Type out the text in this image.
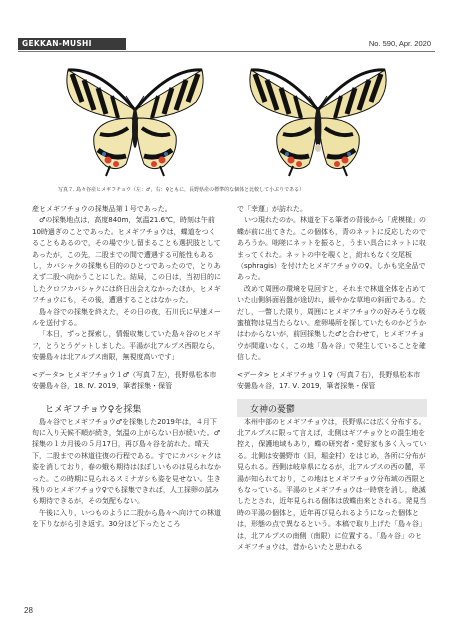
GEKKAN-MUSHI	No. 590, Apr. 2020
写真７. 島々谷産ヒメギフチョウ（左：♂，右：♀ともに，長野県産の標準的な個体と比較して小ぶりである）

産ヒメギフチョウの採集品第１号であった。

♂の採集地点は，高度840m，気温21.6℃，時刻は午前10時過ぎのことであった。ヒメギフチョウは，蝶道をつくることもあるので，その場で少し留まることも選択肢としてあったが，この先，二股までの間で遭遇する可能性もあるし，カバシャクの採集も目的のひとつであったので，とりあえず二股へ向かうことにした。結局，この日は，当初目的にしたクロフカバシャクには終日出会えなかったほか，ヒメギフチョウにも，その後，遭遇することはなかった。

島々谷での採集を終えた，その日の夜，石川氏に早速メールを送付する。

「本日，ずっと探索し，情報収集していた島々谷のヒメギフ，とうとうゲットしました。平湯が北アルプス西限なら，安曇島々は北アルプス南限，無視度高いです」

<データ> ヒメギフチョウ１♂（写真７左），長野県松本市安曇島々谷，18. Ⅳ. 2019，筆者採集・保管

ヒメギフチョウ♀を採集

島々谷でヒメギフチョウ♂を採集した2019年は，４月下旬に入り天候不順が続き，気温の上がらない日が続いた。♂採集の１カ月後の５月17日，再び島々谷を訪れた。晴天下，二股までの林道往復の行程である。すでにカバシャクは姿を消しており，春の蛾も期待はほぼしいものは見られなかった。この時期に見られるスミナガシも姿を見せない。生き残りのヒメギフチョウ♀でも採集できれば，人工採卵の試みも期待できるが，その気配もない。

午後に入り，いつものように二股から島々へ向けての林道を下りながら引き返す。30分ほど下ったところ

で「幸運」が訪れた。

いつ現れたのか。林道を下る筆者の背後から「虎模様」の蝶が前に出てきた。この個体も，青のネットに反応したのであろうか。咄嗟にネットを振ると，うまい具合にネットに収まってくれた。ネットの中を覗くと，紛れもなく交尾板（sphragis）を付けたヒメギフチョウの♀。しかも完全品であった。

改めて周囲の環境を見回すと，それまで林道全体を占めていた山側斜面岩盤が途切れ，緩やかな草地の斜面である。ただし，一瞥した限り，周囲にヒメギフチョウの好みそうな吸蜜植物は見当たらない。産卵場所を探していたものかどうかはわからないが，前回採集した♂と合わせて，ヒメギフチョウが間違いなく，この地「島々谷」で発生していることを確信した。

<データ> ヒメギフチョウ１♀（写真７右），長野県松本市安曇島々谷，17. Ⅴ. 2019，筆者採集・保管

女神の憂鬱

本州中部のヒメギフチョウは，長野県には広く分布する。北アルプスに限って言えば，北側はギフチョウとの混生地を控え，保護地域もあり，蝶の研究者・愛好家も多く入っている。北側は安曇野市（旧，堀金村）をはじめ，各所に分布が見られる。西側は岐阜県になるが，北アルプスの西の麓，平湯が知られており，この地はヒメギフチョウ分布域の西限ともなっている。平湯のヒメギフチョウは一時衰を消し，絶滅したとされ，近年見られる個体は放蝶由来とされる。発見当時の平湯の個体と，近年再び見られるようになった個体とは，形態の点で異なるという。本稿で取り上げた「島々谷」は，北アルプスの南側（南限）に位置する。「島々谷」のヒメギフチョウは，昔からいたと思われる

28
